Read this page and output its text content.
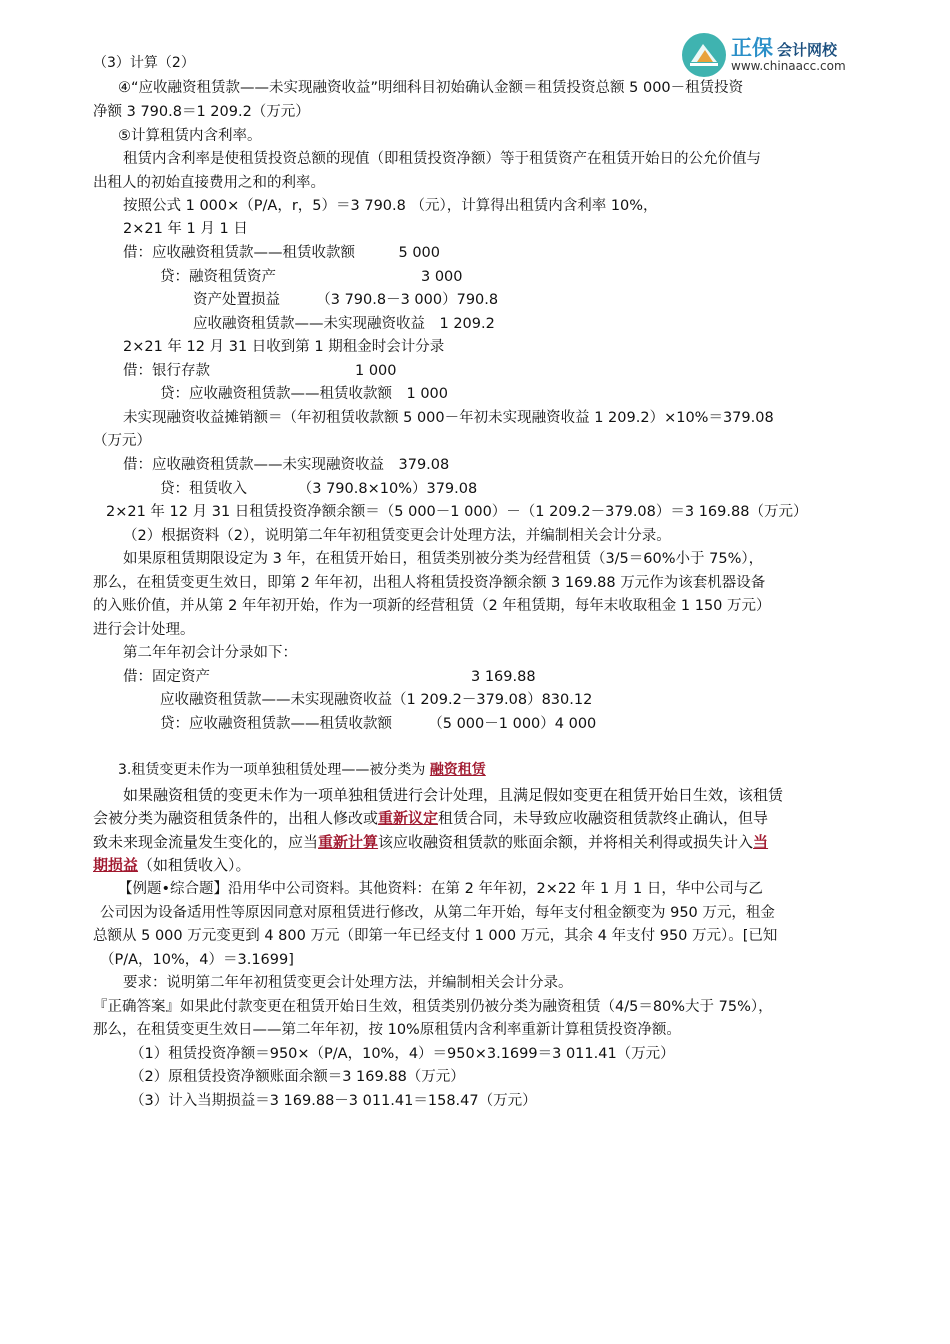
正保 会计网校
www.chinaacc.com
（3）计算（2）
④“应收融资租赁款——未实现融资收益”明细科目初始确认金额＝租赁投资总额 5 000－租赁投资
净额 3 790.8＝1 209.2（万元）
⑤计算租赁内含利率。
租赁内含利率是使租赁投资总额的现值（即租赁投资净额）等于租赁资产在租赁开始日的公允价值与
出租人的初始直接费用之和的利率。
按照公式 1 000×（P/A，r，5）＝3 790.8 （元），计算得出租赁内含利率 10%，
2×21 年 1 月 1 日
借：应收融资租赁款——租赁收款额　　　5 000
贷：融资租赁资产　　　　　　　　　　3 000
资产处置损益　　　（3 790.8－3 000）790.8
应收融资租赁款——未实现融资收益　1 209.2
2×21 年 12 月 31 日收到第 1 期租金时会计分录
借：银行存款　　　　　　　　　　1 000
贷：应收融资租赁款——租赁收款额　1 000
未实现融资收益摊销额＝（年初租赁收款额 5 000－年初未实现融资收益 1 209.2）×10%＝379.08
（万元）
借：应收融资租赁款——未实现融资收益　379.08
贷：租赁收入　　　　（3 790.8×10%）379.08
2×21 年 12 月 31 日租赁投资净额余额＝（5 000－1 000）－（1 209.2－379.08）＝3 169.88（万元）
（2）根据资料（2），说明第二年年初租赁变更会计处理方法，并编制相关会计分录。
如果原租赁期限设定为 3 年，在租赁开始日，租赁类别被分类为经营租赁（3/5＝60%小于 75%），
那么，在租赁变更生效日，即第 2 年年初，出租人将租赁投资净额余额 3 169.88 万元作为该套机器设备
的入账价值，并从第 2 年年初开始，作为一项新的经营租赁（2 年租赁期，每年末收取租金 1 150 万元）
进行会计处理。
第二年年初会计分录如下：
借：固定资产　　　　　　　　　　　　　　　　　　3 169.88
应收融资租赁款——未实现融资收益（1 209.2－379.08）830.12
贷：应收融资租赁款——租赁收款额　　　（5 000－1 000）4 000
3.租赁变更未作为一项单独租赁处理——被分类为 融资租赁
如果融资租赁的变更未作为一项单独租赁进行会计处理，且满足假如变更在租赁开始日生效，该租赁
会被分类为融资租赁条件的，出租人修改或重新议定租赁合同，未导致应收融资租赁款终止确认，但导
致未来现金流量发生变化的，应当重新计算该应收融资租赁款的账面余额，并将相关利得或损失计入当
期损益（如租赁收入）。
【例题•综合题】沿用华中公司资料。其他资料：在第 2 年年初，2×22 年 1 月 1 日，华中公司与乙
公司因为设备适用性等原因同意对原租赁进行修改，从第二年开始，每年支付租金额变为 950 万元，租金
总额从 5 000 万元变更到 4 800 万元（即第一年已经支付 1 000 万元，其余 4 年支付 950 万元）。[已知
（P/A，10%，4）＝3.1699]
要求：说明第二年年初租赁变更会计处理方法，并编制相关会计分录。
『正确答案』如果此付款变更在租赁开始日生效，租赁类别仍被分类为融资租赁（4/5＝80%大于 75%），
那么，在租赁变更生效日——第二年年初，按 10%原租赁内含利率重新计算租赁投资净额。
（1）租赁投资净额＝950×（P/A，10%，4）＝950×3.1699＝3 011.41（万元）
（2）原租赁投资净额账面余额＝3 169.88（万元）
（3）计入当期损益＝3 169.88－3 011.41＝158.47（万元）
